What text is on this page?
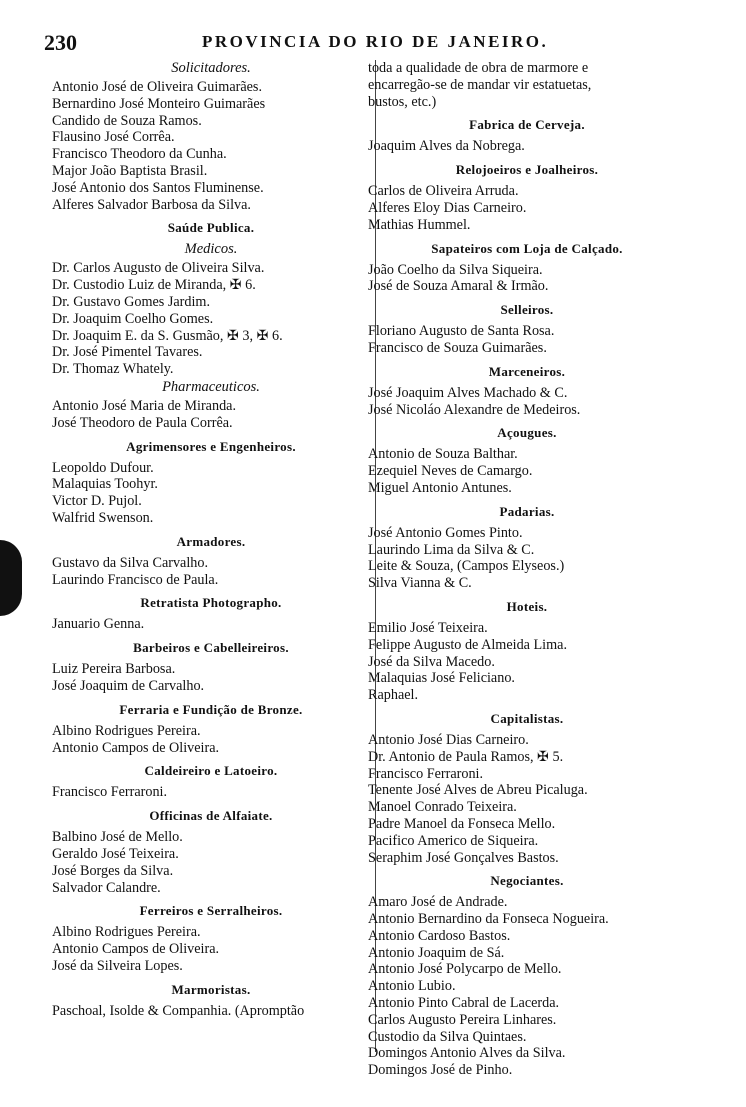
230	PROVINCIA DO RIO DE JANEIRO.
Solicitadores.
Antonio José de Oliveira Guimarães.
Bernardino José Monteiro Guimarães
Candido de Souza Ramos.
Flausino José Corrêa.
Francisco Theodoro da Cunha.
Major João Baptista Brasil.
José Antonio dos Santos Fluminense.
Alferes Salvador Barbosa da Silva.
Saúde Publica.
Medicos.
Dr. Carlos Augusto de Oliveira Silva.
Dr. Custodio Luiz de Miranda, ✠ 6.
Dr. Gustavo Gomes Jardim.
Dr. Joaquim Coelho Gomes.
Dr. Joaquim E. da S. Gusmão, ✠ 3, ✠ 6.
Dr. José Pimentel Tavares.
Dr. Thomaz Whately.
Pharmaceuticos.
Antonio José Maria de Miranda.
José Theodoro de Paula Corrêa.
Agrimensores e Engenheiros.
Leopoldo Dufour.
Malaquias Toohyr.
Victor D. Pujol.
Walfrid Swenson.
Armadores.
Gustavo da Silva Carvalho.
Laurindo Francisco de Paula.
Retratista Photographo.
Januario Genna.
Barbeiros e Cabelleireiros.
Luiz Pereira Barbosa.
José Joaquim de Carvalho.
Ferraria e Fundição de Bronze.
Albino Rodrigues Pereira.
Antonio Campos de Oliveira.
Caldeireiro e Latoeiro.
Francisco Ferraroni.
Officinas de Alfaiate.
Balbino José de Mello.
Geraldo José Teixeira.
José Borges da Silva.
Salvador Calandre.
Ferreiros e Serralheiros.
Albino Rodrigues Pereira.
Antonio Campos de Oliveira.
José da Silveira Lopes.
Marmoristas.
Paschoal, Isolde & Companhia. (Apromptão
toda a qualidade de obra de marmore e
encarregão-se de mandar vir estatuetas,
bustos, etc.)
Fabrica de Cerveja.
Joaquim Alves da Nobrega.
Relojoeiros e Joalheiros.
Carlos de Oliveira Arruda.
Alferes Eloy Dias Carneiro.
Mathias Hummel.
Sapateiros com Loja de Calçado.
João Coelho da Silva Siqueira.
José de Souza Amaral & Irmão.
Selleiros.
Floriano Augusto de Santa Rosa.
Francisco de Souza Guimarães.
Marceneiros.
José Joaquim Alves Machado & C.
José Nicoláo Alexandre de Medeiros.
Açougues.
Antonio de Souza Balthar.
Ezequiel Neves de Camargo.
Miguel Antonio Antunes.
Padarias.
José Antonio Gomes Pinto.
Laurindo Lima da Silva & C.
Leite & Souza, (Campos Elyseos.)
Silva Vianna & C.
Hoteis.
Emilio José Teixeira.
Felippe Augusto de Almeida Lima.
José da Silva Macedo.
Malaquias José Feliciano.
Raphael.
Capitalistas.
Antonio José Dias Carneiro.
Dr. Antonio de Paula Ramos, ✠ 5.
Francisco Ferraroni.
Tenente José Alves de Abreu Picaluga.
Manoel Conrado Teixeira.
Padre Manoel da Fonseca Mello.
Pacifico Americo de Siqueira.
Seraphim José Gonçalves Bastos.
Negociantes.
Amaro José de Andrade.
Antonio Bernardino da Fonseca Nogueira.
Antonio Cardoso Bastos.
Antonio Joaquim de Sá.
Antonio José Polycarpo de Mello.
Antonio Lubio.
Antonio Pinto Cabral de Lacerda.
Carlos Augusto Pereira Linhares.
Custodio da Silva Quintaes.
Domingos Antonio Alves da Silva.
Domingos José de Pinho.
